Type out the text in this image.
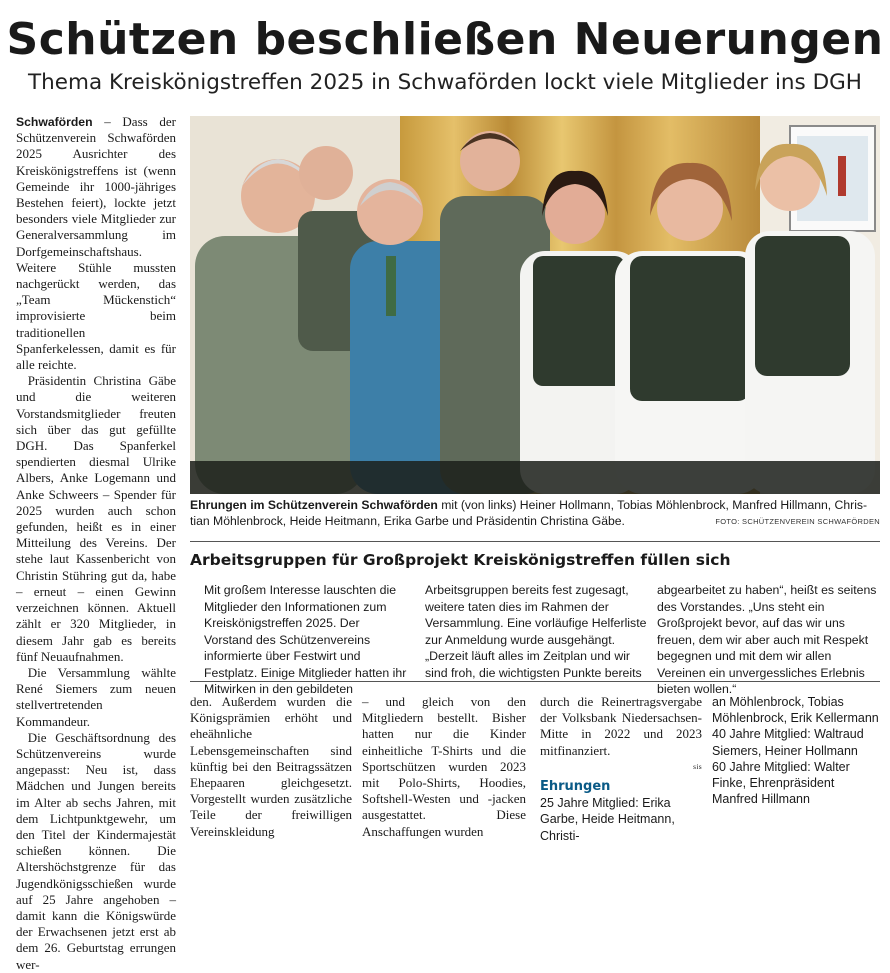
Schützen beschließen Neuerungen
Thema Kreiskönigstreffen 2025 in Schwaförden lockt viele Mitglieder ins DGH

Schwaförden – Dass der Schützenverein Schwaförden 2025 Ausrichter des Kreiskönigstreffens ist (wenn Gemeinde ihr 1000-jähriges Bestehen feiert), lockte jetzt besonders viele Mitglieder zur Generalversammlung im Dorfgemeinschaftshaus. Weitere Stühle mussten nachgerückt werden, das „Team Mückenstich“ improvisierte beim traditionellen Spanferkelessen, damit es für alle reichte.

Präsidentin Christina Gäbe und die weiteren Vorstandsmitglieder freuten sich über das gut gefüllte DGH. Das Spanferkel spendierten diesmal Ulrike Albers, Anke Logemann und Anke Schweers – Spender für 2025 wurden auch schon gefunden, heißt es in einer Mitteilung des Vereins. Der stehe laut Kassenbericht von Christin Stühring gut da, habe – erneut – einen Gewinn verzeichnen können. Aktuell zählt er 320 Mitglieder, in diesem Jahr gab es bereits fünf Neuaufnahmen.

Die Versammlung wählte René Siemers zum neuen stellvertretenden Kommandeur.

Die Geschäftsordnung des Schützenvereins wurde angepasst: Neu ist, dass Mädchen und Jungen bereits im Alter ab sechs Jahren, mit dem Lichtpunktgewehr, um den Titel der Kindermajestät schießen können. Die Altershöchstgrenze für das Jugendkönigsschießen wurde auf 25 Jahre angehoben – damit kann die Königswürde der Erwachsenen jetzt erst ab dem 26. Geburtstag errungen wer-

Ehrungen im Schützenverein Schwaförden mit (von links) Heiner Hollmann, Tobias Möhlenbrock, Manfred Hillmann, Chris-
tian Möhlenbrock, Heide Heitmann, Erika Garbe und Präsidentin Christina Gäbe.	FOTO: SCHÜTZENVEREIN SCHWAFÖRDEN
Arbeitsgruppen für Großprojekt Kreiskönigstreffen füllen sich
Mit großem Interesse lauschten die Mitglieder den Informationen zum Kreiskönigstreffen 2025. Der Vorstand des Schützenvereins informierte über Festwirt und Festplatz. Einige Mitglieder hatten ihr Mitwirken in den gebildeten
Arbeitsgruppen bereits fest zugesagt, weitere taten dies im Rahmen der Versammlung. Eine vorläufige Helferliste zur Anmeldung wurde ausgehängt. „Derzeit läuft alles im Zeitplan und wir sind froh, die wichtigsten Punkte bereits
abgearbeitet zu haben“, heißt es seitens des Vorstandes. „Uns steht ein Großprojekt bevor, auf das wir uns freuen, dem wir aber auch mit Respekt begegnen und mit dem wir allen Vereinen ein unvergessliches Erlebnis bieten wollen.“
den. Außerdem wurden die Königsprämien erhöht und eheähnliche Lebensgemeinschaften sind künftig bei den Beitragssätzen Ehepaaren gleichgesetzt. Vorgestellt wurden zusätzliche Teile der freiwilligen Vereinskleidung
– und gleich von den Mitgliedern bestellt. Bisher hatten nur die Kinder einheitliche T-Shirts und die Sportschützen wurden 2023 mit Polo-Shirts, Hoodies, Softshell-Westen und -jacken ausgestattet. Diese Anschaffungen wurden
durch die Reinertragsvergabe der Volksbank Niedersachsen-Mitte in 2022 und 2023 mitfinanziert.
sis
Ehrungen
25 Jahre Mitglied: Erika Garbe, Heide Heitmann, Christi-
an Möhlenbrock, Tobias Möhlenbrock, Erik Kellermann
40 Jahre Mitglied: Waltraud Siemers, Heiner Hollmann
60 Jahre Mitglied: Walter Finke, Ehrenpräsident Manfred Hillmann
